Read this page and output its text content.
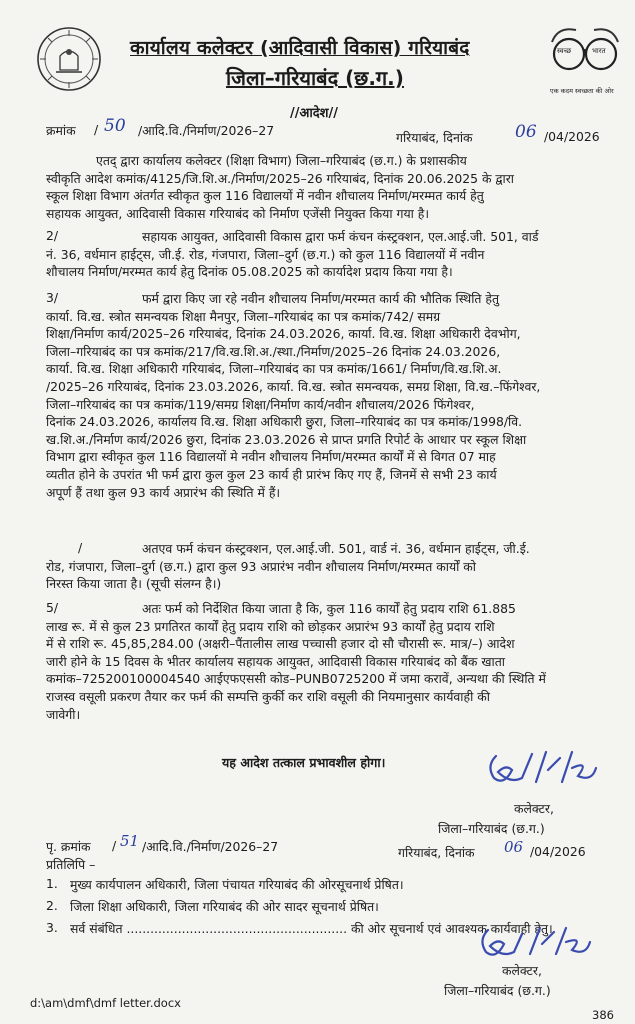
कार्यालय कलेक्टर (आदिवासी विकास) गरियाबंद
जिला–गरियाबंद (छ.ग.)
स्वच्छ	भारत
एक कदम स्वच्छता की ओर
//आदेश//
क्रमांक / 50 /आदि.वि./निर्माण/2026–27	गरियाबंद, दिनांक 06 /04/2026
एतद् द्वारा कार्यालय कलेक्टर (शिक्षा विभाग) जिला–गरियाबंद (छ.ग.) के प्रशासकीय
स्वीकृति आदेश कमांक/4125/जि.शि.अ./निर्माण/2025–26 गरियाबंद, दिनांक 20.06.2025 के द्वारा
स्कूल शिक्षा विभाग अंतर्गत स्वीकृत कुल 116 विद्यालयों में नवीन शौचालय निर्माण/मरम्मत कार्य हेतु
सहायक आयुक्त, आदिवासी विकास गरियाबंद को निर्माण एजेंसी नियुक्त किया गया है।
2/	सहायक आयुक्त, आदिवासी विकास द्वारा फर्म कंचन कंस्ट्रक्शन, एल.आई.जी. 501, वार्ड
नं. 36, वर्धमान हाईट्स, जी.ई. रोड, गंजपारा, जिला–दुर्ग (छ.ग.) को कुल 116 विद्यालयों में नवीन
शौचालय निर्माण/मरम्मत कार्य हेतु दिनांक 05.08.2025 को कार्यादेश प्रदाय किया गया है।
3/	फर्म द्वारा किए जा रहे नवीन शौचालय निर्माण/मरम्मत कार्य की भौतिक स्थिति हेतु
कार्या. वि.ख. स्त्रोत समन्वयक शिक्षा मैनपुर, जिला–गरियाबंद का पत्र कमांक/742/ समग्र
शिक्षा/निर्माण कार्य/2025–26 गरियाबंद, दिनांक 24.03.2026, कार्या. वि.ख. शिक्षा अधिकारी देवभोग,
जिला–गरियाबंद का पत्र कमांक/217/वि.ख.शि.अ./स्था./निर्माण/2025–26 दिनांक 24.03.2026,
कार्या. वि.ख. शिक्षा अधिकारी गरियाबंद, जिला–गरियाबंद का पत्र कमांक/1661/ निर्माण/वि.ख.शि.अ.
/2025–26 गरियाबंद, दिनांक 23.03.2026, कार्या. वि.ख. स्त्रोत समन्वयक, समग्र शिक्षा, वि.ख.–फिंगेश्वर,
जिला–गरियाबंद का पत्र कमांक/119/समग्र शिक्षा/निर्माण कार्य/नवीन शौचालय/2026 फिंगेश्वर,
दिनांक 24.03.2026, कार्यालय वि.ख. शिक्षा अधिकारी छुरा, जिला–गरियाबंद का पत्र कमांक/1998/वि.
ख.शि.अ./निर्माण कार्य/2026 छुरा, दिनांक 23.03.2026 से प्राप्त प्रगति रिपोर्ट के आधार पर स्कूल शिक्षा
विभाग द्वारा स्वीकृत कुल 116 विद्यालयों मे नवीन शौचालय निर्माण/मरम्मत कार्यों में से विगत 07 माह
व्यतीत होने के उपरांत भी फर्म द्वारा कुल कुल 23 कार्य ही प्रारंभ किए गए हैं, जिनमें से सभी 23 कार्य
अपूर्ण हैं तथा कुल 93 कार्य अप्रारंभ की स्थिति में हैं।
/	अतएव फर्म कंचन कंस्ट्रक्शन, एल.आई.जी. 501, वार्ड नं. 36, वर्धमान हाईट्स, जी.ई.
रोड, गंजपारा, जिला–दुर्ग (छ.ग.) द्वारा कुल 93 अप्रारंभ नवीन शौचालय निर्माण/मरम्मत कार्यों को
निरस्त किया जाता है। (सूची संलग्न है।)
5/	अतः फर्म को निर्देशित किया जाता है कि, कुल 116 कार्यों हेतु प्रदाय राशि 61.885
लाख रू. में से कुल 23 प्रगतिरत कार्यों हेतु प्रदाय राशि को छोड़कर अप्रारंभ 93 कार्यों हेतु प्रदाय राशि
में से राशि रू. 45,85,284.00 (अक्षरी–पैंतालीस लाख पच्चासी हजार दो सौ चौरासी रू. मात्र/–) आदेश
जारी होने के 15 दिवस के भीतर कार्यालय सहायक आयुक्त, आदिवासी विकास गरियाबंद को बैंक खाता
कमांक–725200100004540 आईएफएससी कोड–PUNB0725200 में जमा करावें, अन्यथा की स्थिति में
राजस्व वसूली प्रकरण तैयार कर फर्म की सम्पत्ति कुर्की कर राशि वसूली की नियमानुसार कार्यवाही की
जावेगी।
यह आदेश तत्काल प्रभावशील होगा।
कलेक्टर,
जिला–गरियाबंद (छ.ग.)
पृ. क्रमांक / 51 /आदि.वि./निर्माण/2026–27	गरियाबंद, दिनांक 06 /04/2026
प्रतिलिपि –
1. मुख्य कार्यपालन अधिकारी, जिला पंचायत गरियाबंद की ओरसूचनार्थ प्रेषित।
2. जिला शिक्षा अधिकारी, जिला गरियाबंद की ओर सादर सूचनार्थ प्रेषित।
3. सर्व संबंधित ........................................................ की ओर सूचनार्थ एवं आवश्यक कार्यवाही हेतु।
कलेक्टर,
जिला–गरियाबंद (छ.ग.)
d:\am\dmf\dmf letter.docx
386
